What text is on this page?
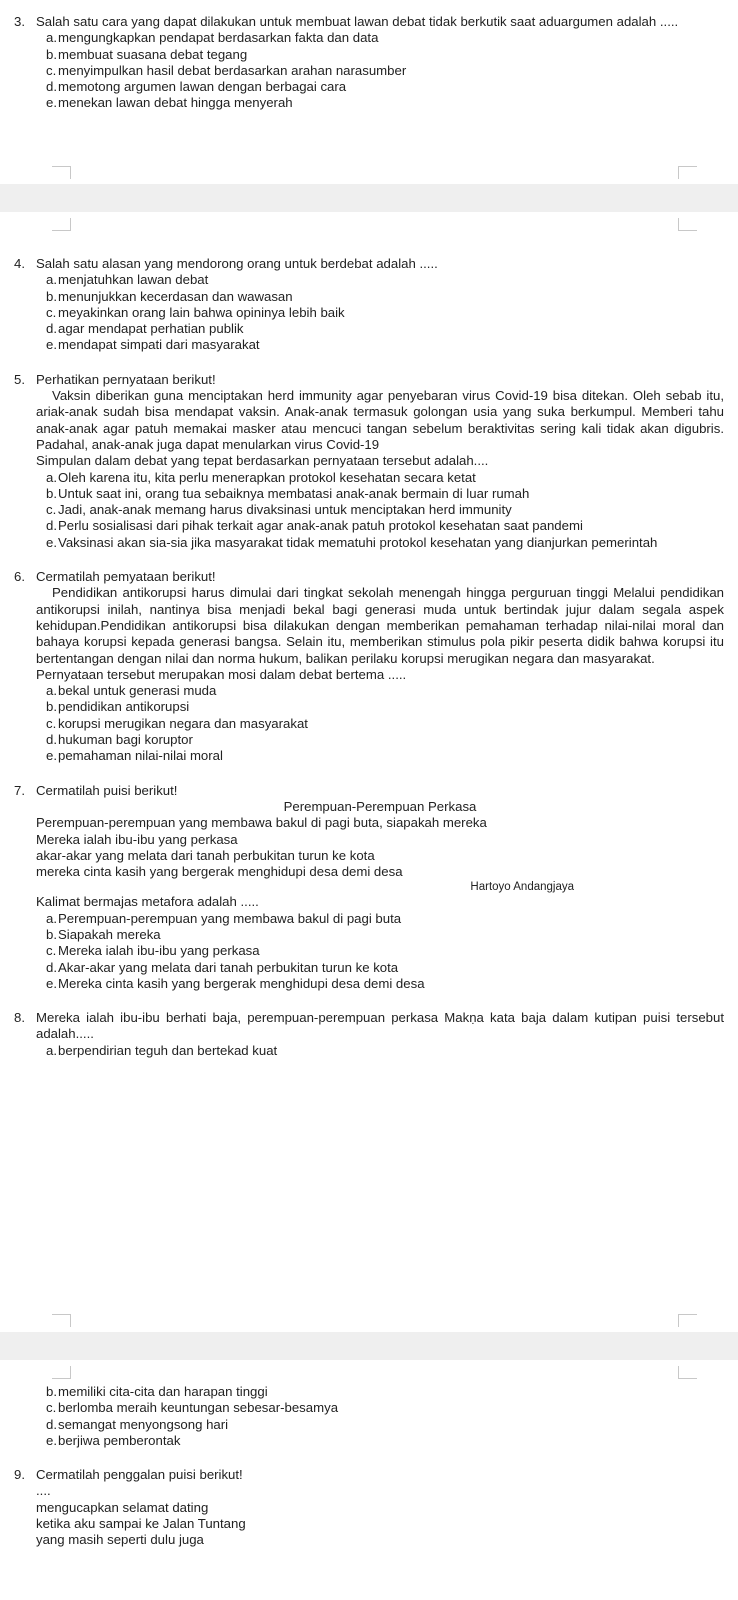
3. Salah satu cara yang dapat dilakukan untuk membuat lawan debat tidak berkutik saat aduargumen adalah .....
a. mengungkapkan pendapat berdasarkan fakta dan data
b. membuat suasana debat tegang
c. menyimpulkan hasil debat berdasarkan arahan narasumber
d. memotong argumen lawan dengan berbagai cara
e. menekan lawan debat hingga menyerah
4. Salah satu alasan yang mendorong orang untuk berdebat adalah .....
a. menjatuhkan lawan debat
b. menunjukkan kecerdasan dan wawasan
c. meyakinkan orang lain bahwa opininya lebih baik
d. agar mendapat perhatian publik
e. mendapat simpati dari masyarakat
5. Perhatikan pernyataan berikut!
Vaksin diberikan guna menciptakan herd immunity agar penyebaran virus Covid-19 bisa ditekan. Oleh sebab itu, ariak-anak sudah bisa mendapat vaksin. Anak-anak termasuk golongan usia yang suka berkumpul. Memberi tahu anak-anak agar patuh memakai masker atau mencuci tangan sebelum beraktivitas sering kali tidak akan digubris. Padahal, anak-anak juga dapat menularkan virus Covid-19
Simpulan dalam debat yang tepat berdasarkan pernyataan tersebut adalah....
a. Oleh karena itu, kita perlu menerapkan protokol kesehatan secara ketat
b. Untuk saat ini, orang tua sebaiknya membatasi anak-anak bermain di luar rumah
c. Jadi, anak-anak memang harus divaksinasi untuk menciptakan herd immunity
d. Perlu sosialisasi dari pihak terkait agar anak-anak patuh protokol kesehatan saat pandemi
e. Vaksinasi akan sia-sia jika masyarakat tidak mematuhi protokol kesehatan yang dianjurkan pemerintah
6. Cermatilah pemyataan berikut!
Pendidikan antikorupsi harus dimulai dari tingkat sekolah menengah hingga perguruan tinggi Melalui pendidikan antikorupsi inilah, nantinya bisa menjadi bekal bagi generasi muda untuk bertindak jujur dalam segala aspek kehidupan.Pendidikan antikorupsi bisa dilakukan dengan memberikan pemahaman terhadap nilai-nilai moral dan bahaya korupsi kepada generasi bangsa. Selain itu, memberikan stimulus pola pikir peserta didik bahwa korupsi itu bertentangan dengan nilai dan norma hukum, balikan perilaku korupsi merugikan negara dan masyarakat.
Pernyataan tersebut merupakan mosi dalam debat bertema .....
a. bekal untuk generasi muda
b. pendidikan antikorupsi
c. korupsi merugikan negara dan masyarakat
d. hukuman bagi koruptor
e. pemahaman nilai-nilai moral
7. Cermatilah puisi berikut!
Perempuan-Perempuan Perkasa
Perempuan-perempuan yang membawa bakul di pagi buta, siapakah mereka
Mereka ialah ibu-ibu yang perkasa
akar-akar yang melata dari tanah perbukitan turun ke kota
mereka cinta kasih yang bergerak menghidupi desa demi desa
Hartoyo Andangjaya
Kalimat bermajas metafora adalah .....
a. Perempuan-perempuan yang membawa bakul di pagi buta
b. Siapakah mereka
c. Mereka ialah ibu-ibu yang perkasa
d. Akar-akar yang melata dari tanah perbukitan turun ke kota
e. Mereka cinta kasih yang bergerak menghidupi desa demi desa
8. Mereka ialah ibu-ibu berhati baja, perempuan-perempuan perkasa Makṇa kata baja dalam kutipan puisi tersebut adalah.....
a. berpendirian teguh dan bertekad kuat
b. memiliki cita-cita dan harapan tinggi
c. berlomba meraih keuntungan sebesar-besamya
d. semangat menyongsong hari
e. berjiwa pemberontak
9. Cermatilah penggalan puisi berikut!
....
mengucapkan selamat dating
ketika aku sampai ke Jalan Tuntang
yang masih seperti dulu juga
